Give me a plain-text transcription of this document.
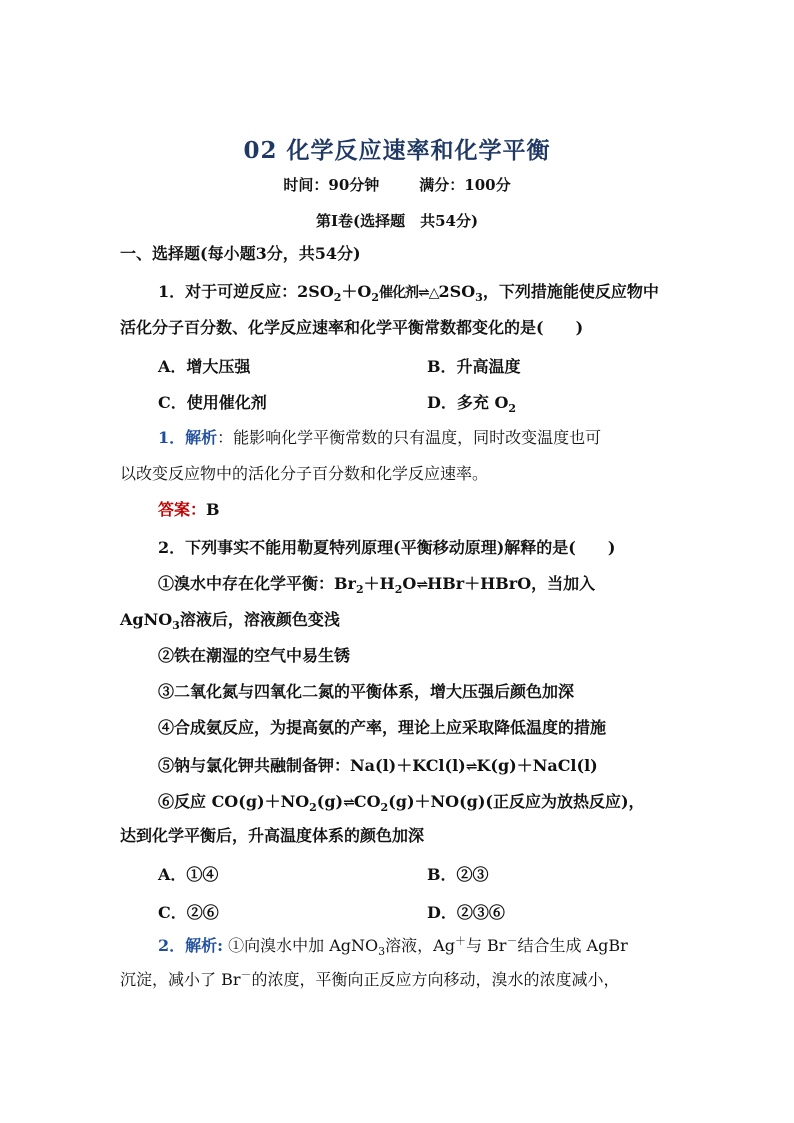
02 化学反应速率和化学平衡
时间：90分钟	满分：100分
第Ⅰ卷(选择题　共54分)
一、选择题(每小题3分，共54分)
1．对于可逆反应：$2SO_2+O_2$催化剂$\rightleftharpoons\triangle 2SO_3$，下列措施能使反应物中
活化分子百分数、化学反应速率和化学平衡常数都变化的是(　　)
A．增大压强	B．升高温度
C．使用催化剂	D．多充 $O_2$
1．解析：能影响化学平衡常数的只有温度，同时改变温度也可
以改变反应物中的活化分子百分数和化学反应速率。
答案：B
2．下列事实不能用勒夏特列原理(平衡移动原理)解释的是(　　)
①溴水中存在化学平衡：$Br_2+H_2O\rightleftharpoons HBr+HBrO$，当加入
AgNO$_3$溶液后，溶液颜色变浅
②铁在潮湿的空气中易生锈
③二氧化氮与四氧化二氮的平衡体系，增大压强后颜色加深
④合成氨反应，为提高氨的产率，理论上应采取降低温度的措施
⑤钠与氯化钾共融制备钾：Na(l)＋KCl(l)⇌K(g)＋NaCl(l)
⑥反应 $CO(g)+NO_2(g)\rightleftharpoons CO_2(g)+NO(g)$(正反应为放热反应)，
达到化学平衡后，升高温度体系的颜色加深
A．①④	B．②③
C．②⑥	D．②③⑥
2．解析: ①向溴水中加 AgNO$_3$溶液，Ag＋与 Br－结合生成 AgBr
沉淀，减小了 Br－的浓度，平衡向正反应方向移动，溴水的浓度减小，
